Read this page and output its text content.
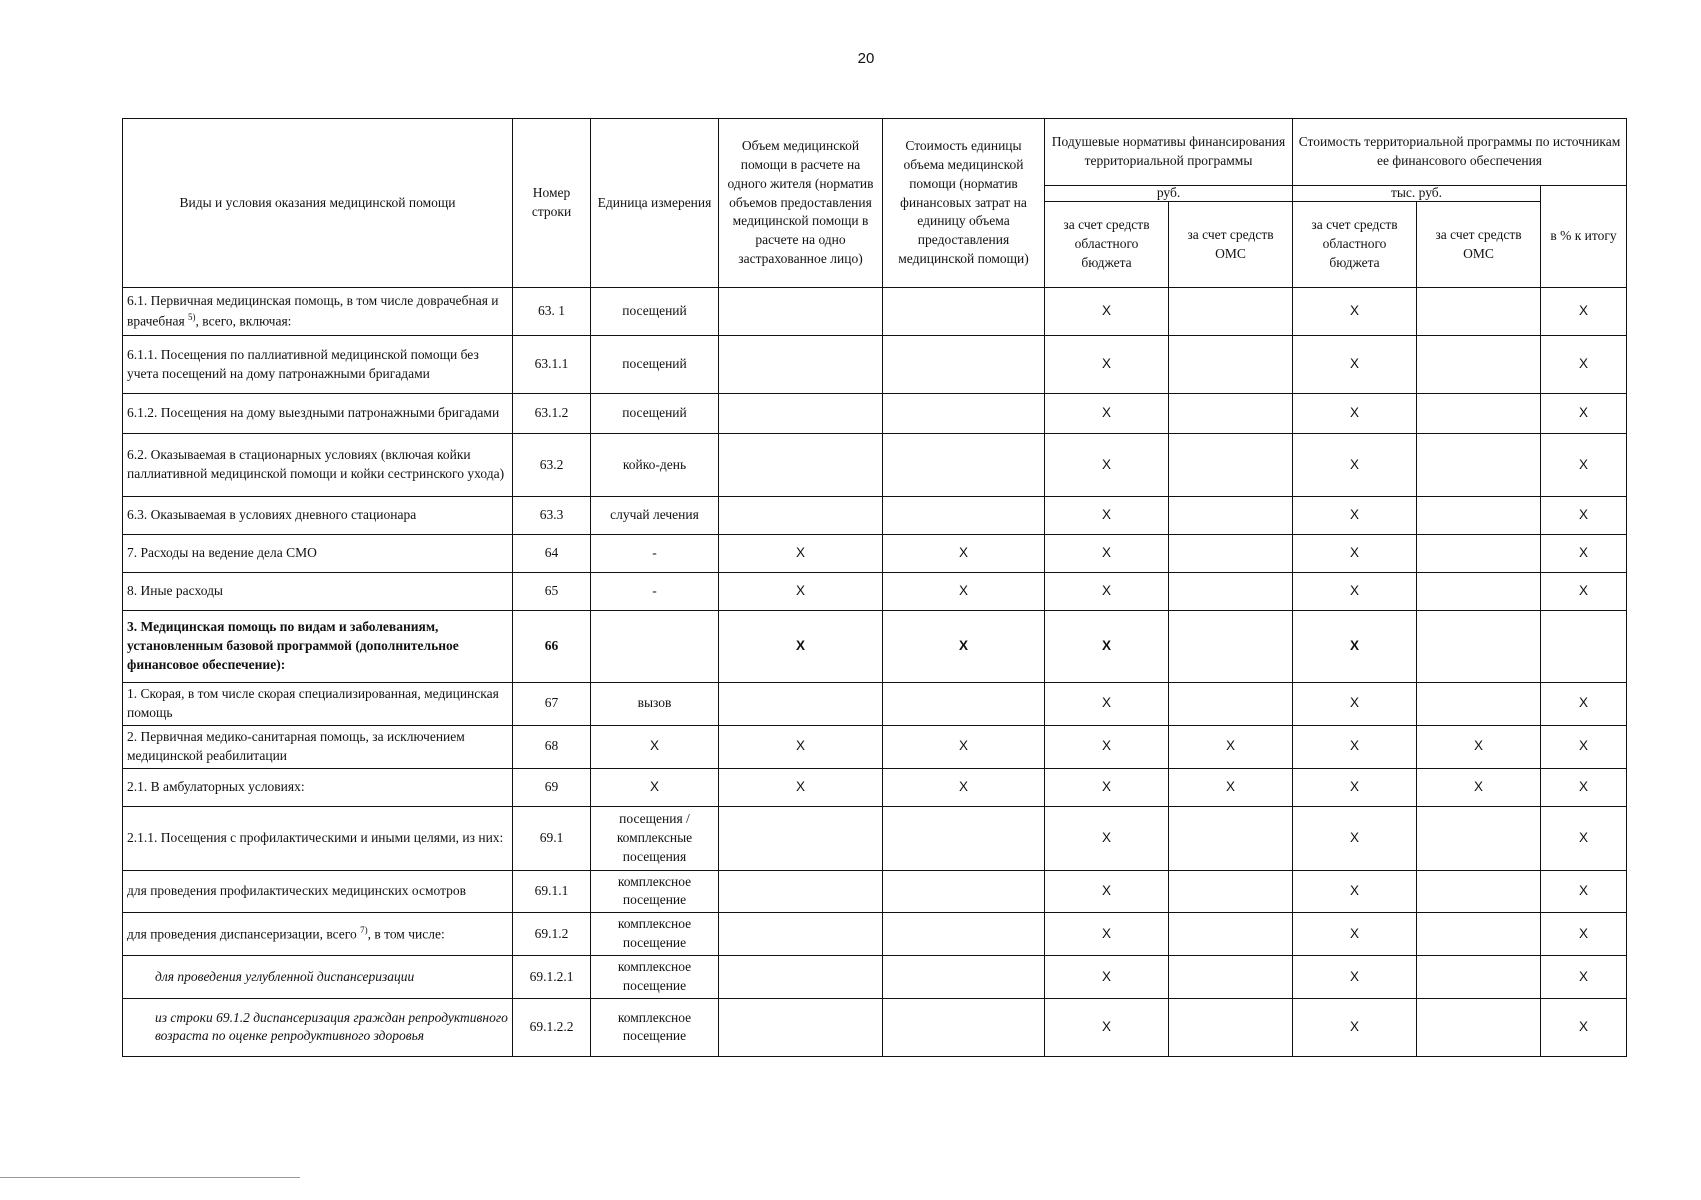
20
Виды и условия оказания медицинской помощи	Номер строки	Единица измерения	Объем медицинской помощи в расчете на одного жителя (норматив объемов предоставления медицинской помощи в расчете на одно застрахованное лицо)	Стоимость единицы объема медицинской помощи (норматив финансовых затрат на единицу объема предоставления медицинской помощи)	Подушевые нормативы финансирования территориальной программы		Стоимость территориальной программы по источникам ее финансового обеспечения		
					руб.		тыс. руб.		в % к итогу
					за счет средств областного бюджета	за счет средств ОМС	за счет средств областного бюджета	за счет средств ОМС	
6.1. Первичная медицинская помощь, в том числе доврачебная и врачебная $^{5)}$, всего, включая:	63. 1	посещений			X		X		X
6.1.1. Посещения по паллиативной медицинской помощи без учета посещений на дому патронажными бригадами	63.1.1	посещений			X		X		X
6.1.2. Посещения на дому выездными патронажными бригадами	63.1.2	посещений			X		X		X
6.2. Оказываемая в стационарных условиях (включая койки паллиативной медицинской помощи и койки сестринского ухода)	63.2	койко-день			X		X		X
6.3. Оказываемая в условиях дневного стационара	63.3	случай лечения			X		X		X
7. Расходы на ведение дела СМО	64	-	X	X	X		X		X
8. Иные расходы	65	-	X	X	X		X		X
3. Медицинская помощь по видам и заболеваниям, установленным базовой программой (дополнительное финансовое обеспечение):	66		X	X	X		X		
1. Скорая, в том числе скорая специализированная, медицинская помощь	67	вызов			X		X		X
2. Первичная медико-санитарная помощь, за исключением медицинской реабилитации	68	X	X	X	X	X	X	X	X
2.1. В амбулаторных условиях:	69	X	X	X	X	X	X	X	X
2.1.1. Посещения с профилактическими и иными целями, из них:	69.1	посещения / комплексные посещения			X		X		X
для проведения профилактических медицинских осмотров	69.1.1	комплексное посещение			X		X		X
для проведения диспансеризации, всего $^{7)}$, в том числе:	69.1.2	комплексное посещение			X		X		X
для проведения углубленной диспансеризации	69.1.2.1	комплексное посещение			X		X		X
из строки 69.1.2 диспансеризация граждан репродуктивного возраста по оценке репродуктивного здоровья	69.1.2.2	комплексное посещение			X		X		X
